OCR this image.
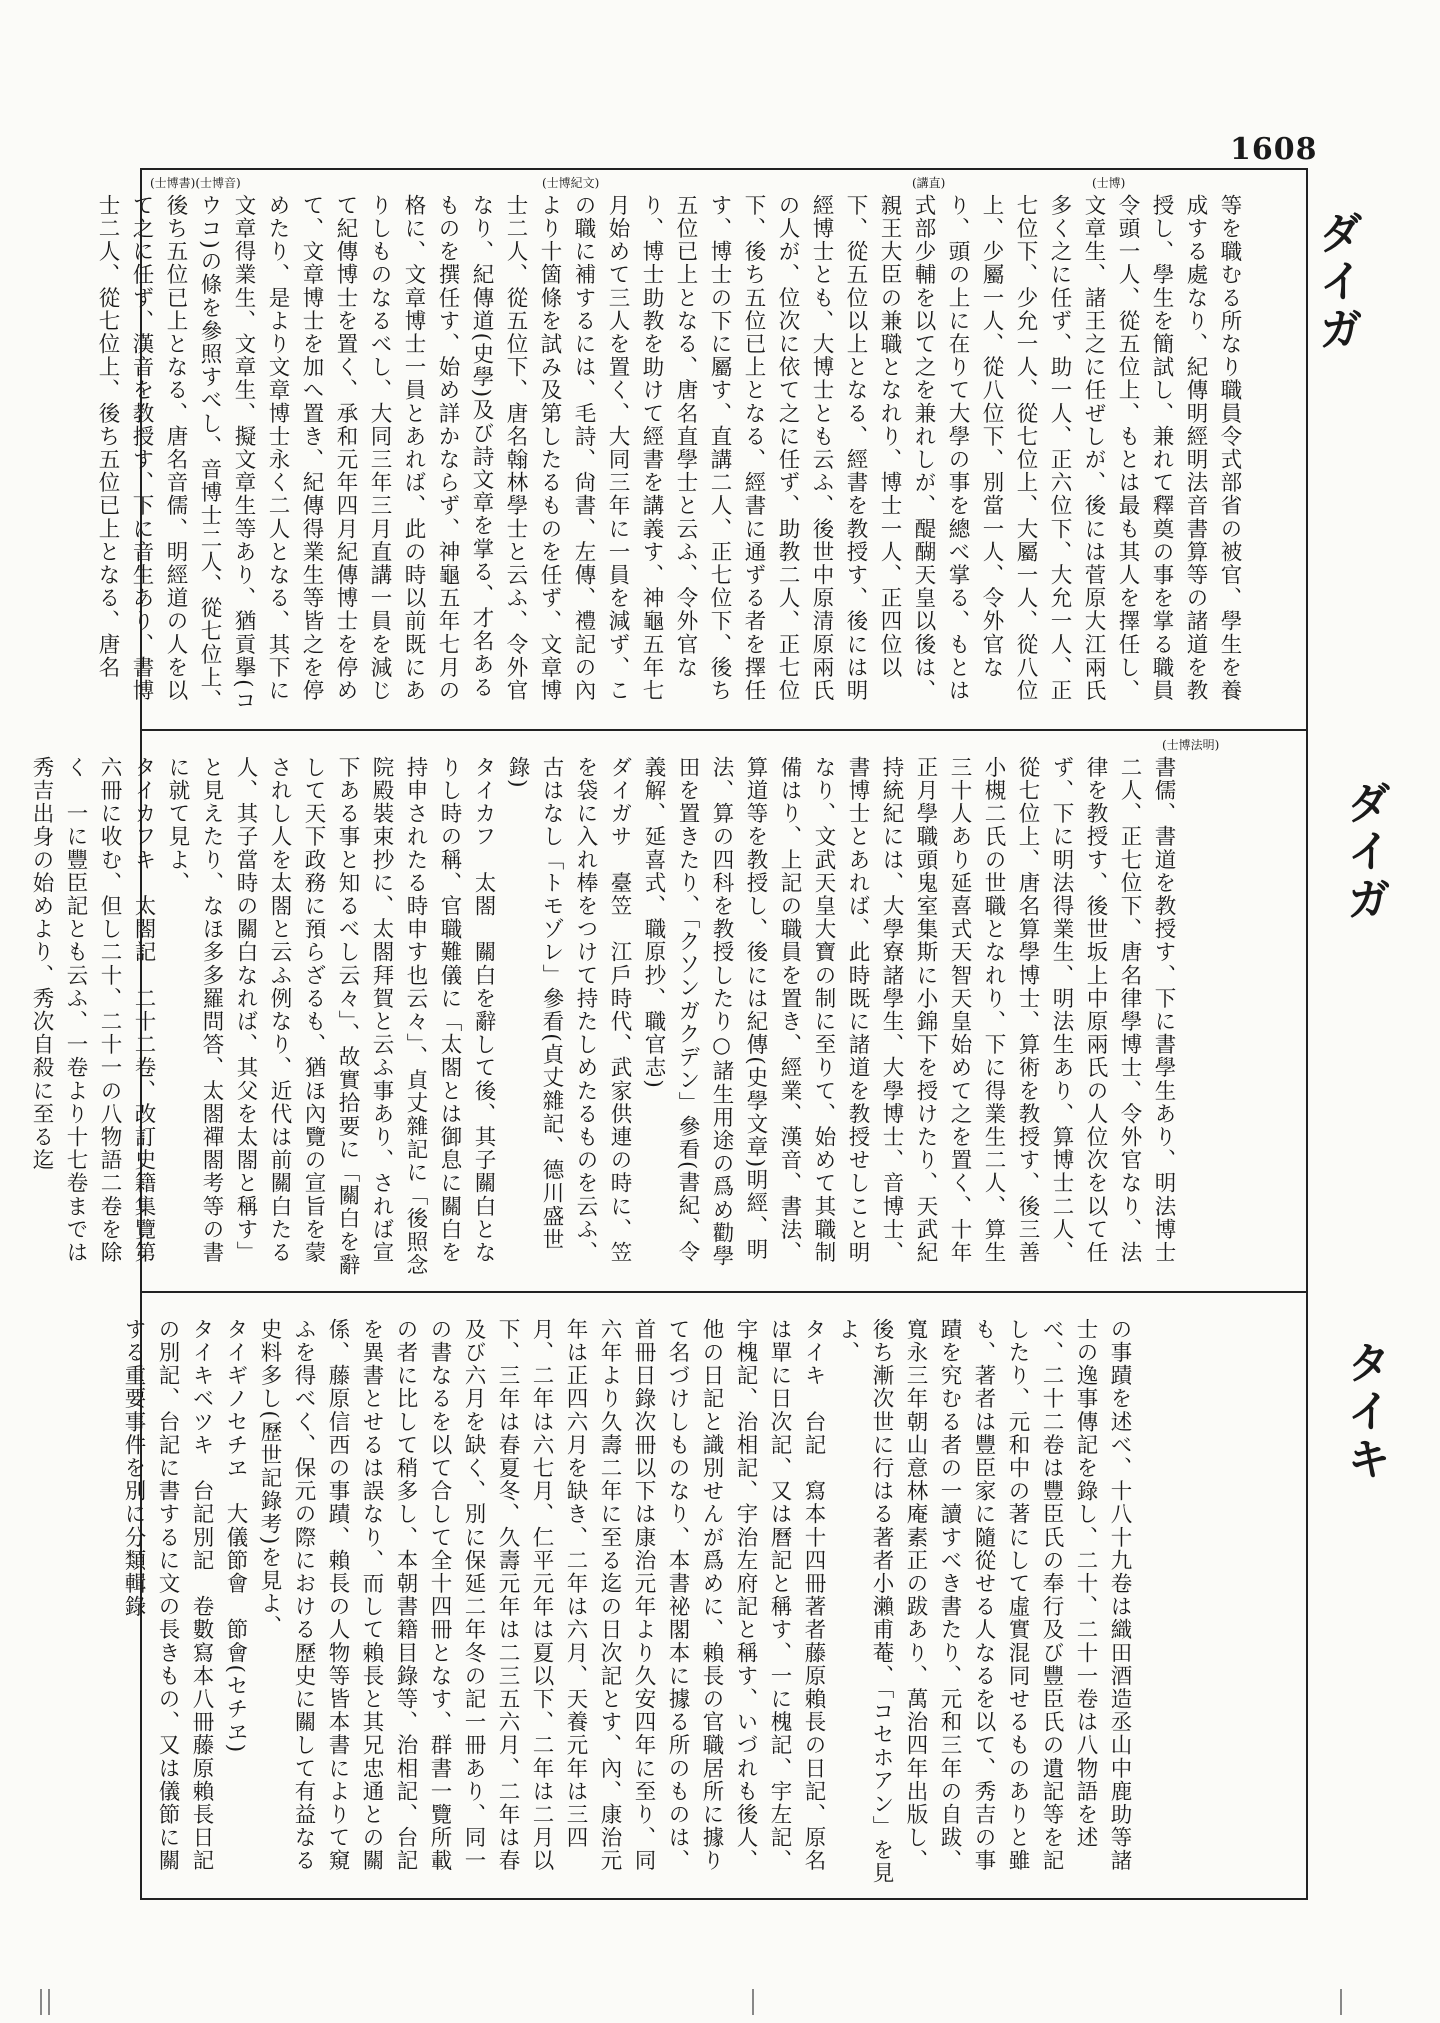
1608
ダイガ
ダイガ
タイキ
(士博書)(士博音)	(士博紀文)	(講直)	(士博)
等を職むる所なり職員令式部省の被官、學生を養成する處なり、紀傳明經明法音書算等の諸道を教授し、學生を簡試し、兼れて釋奠の事を掌る職員令頭一人、從五位上、もとは最も其人を擇任し、文章生、諸王之に任ぜしが、後には菅原大江兩氏多く之に任ず、助一人、正六位下、大允一人、正七位下、少允一人、從七位上、大屬一人、從八位上、少屬一人、從八位下、別當一人、令外官なり、頭の上に在りて大學の事を總べ掌る、もとは式部少輔を以て之を兼れしが、醍醐天皇以後は、親王大臣の兼職となれり、博士一人、正四位以下、從五位以上となる、經書を教授す、後には明經博士とも、大博士とも云ふ、後世中原清原兩氏の人が、位次に依て之に任ず、助教二人、正七位下、後ち五位已上となる、經書に通ずる者を擇任す、博士の下に屬す、直講二人、正七位下、後ち五位已上となる、唐名直學士と云ふ、令外官なり、博士助教を助けて經書を講義す、神龜五年七月始めて三人を置く、大同三年に一員を減ず、この職に補するには、毛詩、尙書、左傳、禮記の內より十箇條を試み及第したるものを任ず、文章博士二人、從五位下、唐名翰林學士と云ふ、令外官なり、紀傳道(史學)及び詩文章を掌る、才名あるものを撰任す、始め詳かならず、神龜五年七月の格に、文章博士一員とあれば、此の時以前既にありしものなるべし、大同三年三月直講一員を減じて紀傳博士を置く、承和元年四月紀傳博士を停めて、文章博士を加へ置き、紀傳得業生等皆之を停めたり、是より文章博士永く二人となる、其下に文章得業生、文章生、擬文章生等あり、猶貢擧(コウコ)の條を參照すべし、音博士二人、從七位上、後ち五位已上となる、唐名音儒、明經道の人を以て之に任ず、漢音を教授す、下に音生あり、書博士二人、從七位上、後ち五位已上となる、唐名
(士博法明)
書儒、書道を教授す、下に書學生あり、明法博士二人、正七位下、唐名律學博士、令外官なり、法律を教授す、後世坂上中原兩氏の人位次を以て任ず、下に明法得業生、明法生あり、算博士二人、從七位上、唐名算學博士、算術を教授す、後三善小槻二氏の世職となれり、下に得業生二人、算生三十人あり延喜式天智天皇始めて之を置く、十年正月學職頭鬼室集斯に小錦下を授けたり、天武紀持統紀には、大學寮諸學生、大學博士、音博士、書博士とあれば、此時既に諸道を教授せしこと明なり、文武天皇大寶の制に至りて、始めて其職制備はり、上記の職員を置き、經業、漢音、書法、算道等を教授し、後には紀傳(史學文章)明經、明法、算の四科を教授したり○諸生用途の爲め勸學田を置きたり、「クソンガクデン」參看(書紀、令義解、延喜式、職原抄、職官志)
ダイガサ　臺笠　江戶時代、武家供連の時に、笠を袋に入れ棒をつけて持たしめたるものを云ふ、古はなし「トモゾレ」參看(貞丈雜記、德川盛世錄)
タイカフ　太閤　關白を辭して後、其子關白となりし時の稱、官職難儀に「太閤とは御息に關白を持申されたる時申す也云々」、貞丈雜記に「後照念院殿裝束抄に、太閤拜賀と云ふ事あり、されば宣下ある事と知るべし云々」、故實拾要に「關白を辭して天下政務に預らざるも、猶ほ內覽の宣旨を蒙されし人を太閤と云ふ例なり、近代は前關白たる人、其子當時の關白なれば、其父を太閤と稱す」と見えたり、なほ多多羅問答、太閤禪閤考等の書に就て見よ、
タイカフキ　太閤記　二十二卷、改訂史籍集覽第六冊に收む、但し二十、二十一の八物語二卷を除く　一に豐臣記とも云ふ、一卷より十七卷までは秀吉出身の始めより、秀次自殺に至る迄
の事蹟を述べ、十八十九卷は織田酒造丞山中鹿助等諸士の逸事傳記を錄し、二十、二十一卷は八物語を述べ、二十二卷は豐臣氏の奉行及び豐臣氏の遺記等を記したり、元和中の著にして虛實混同せるものありと雖も、著者は豐臣家に隨從せる人なるを以て、秀吉の事蹟を究むる者の一讀すべき書たり、元和三年の自跋、寬永三年朝山意林庵素正の跋あり、萬治四年出版し、後ち漸次世に行はる著者小瀨甫菴、「コセホアン」を見よ、
タイキ　台記　寫本十四冊著者藤原賴長の日記、原名は單に日次記、又は曆記と稱す、一に槐記、宇左記、宇槐記、治相記、宇治左府記と稱す、いづれも後人、他の日記と識別せんが爲めに、賴長の官職居所に據りて名づけしものなり、本書祕閣本に據る所のものは、首冊日錄次冊以下は康治元年より久安四年に至り、同六年より久壽二年に至る迄の日次記とす、內、康治元年は正四六月を缺き、二年は六月、天養元年は三四月、二年は六七月、仁平元年は夏以下、二年は二月以下、三年は春夏冬、久壽元年は二三五六月、二年は春及び六月を缺く、別に保延二年冬の記一冊あり、同一の書なるを以て合して全十四冊となす、群書一覽所載の者に比して稍多し、本朝書籍目錄等、治相記、台記を異書とせるは誤なり、而して賴長と其兄忠通との關係、藤原信西の事蹟、賴長の人物等皆本書によりて窺ふを得べく、保元の際における歷史に關して有益なる史料多し(歷世記錄考)を見よ、
タイギノセチヱ　大儀節會　節會(セチヱ)
タイキベツキ　台記別記　卷數寫本八冊藤原賴長日記の別記、台記に書するに文の長きもの、又は儀節に關する重要事件を別に分類輯錄
